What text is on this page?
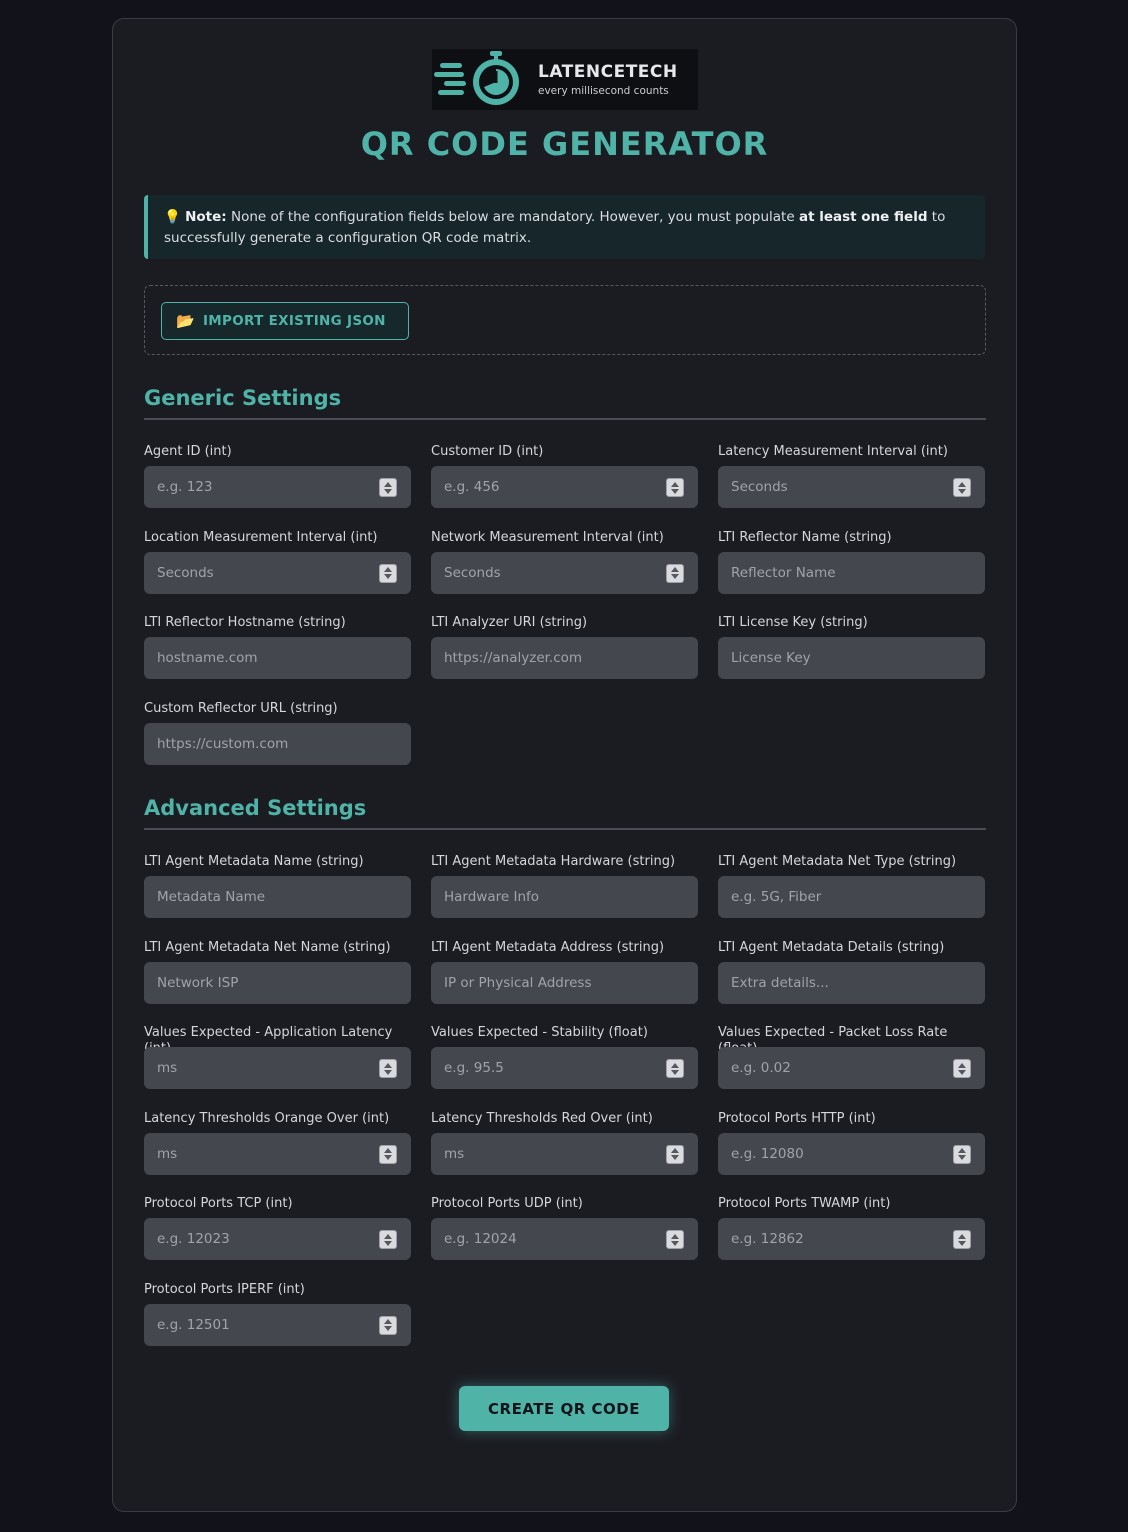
LATENCETECH
every millisecond counts
QR CODE GENERATOR
💡 Note: None of the configuration fields below are mandatory. However, you must populate at least one field to successfully generate a configuration QR code matrix.
📂 IMPORT EXISTING JSON
Generic Settings
Agent ID (int)
e.g. 123
Customer ID (int)
e.g. 456
Latency Measurement Interval (int)
Seconds
Location Measurement Interval (int)
Seconds
Network Measurement Interval (int)
Seconds
LTI Reflector Name (string)
Reflector Name
LTI Reflector Hostname (string)
hostname.com
LTI Analyzer URI (string)
https://analyzer.com
LTI License Key (string)
License Key
Custom Reflector URL (string)
https://custom.com
Advanced Settings
LTI Agent Metadata Name (string)
Metadata Name
LTI Agent Metadata Hardware (string)
Hardware Info
LTI Agent Metadata Net Type (string)
e.g. 5G, Fiber
LTI Agent Metadata Net Name (string)
Network ISP
LTI Agent Metadata Address (string)
IP or Physical Address
LTI Agent Metadata Details (string)
Extra details...
Values Expected - Application Latency
ms
Values Expected - Stability (float)
e.g. 95.5
Values Expected - Packet Loss Rate
e.g. 0.02
Latency Thresholds Orange Over (int)
ms
Latency Thresholds Red Over (int)
ms
Protocol Ports HTTP (int)
e.g. 12080
Protocol Ports TCP (int)
e.g. 12023
Protocol Ports UDP (int)
e.g. 12024
Protocol Ports TWAMP (int)
e.g. 12862
Protocol Ports IPERF (int)
e.g. 12501
CREATE QR CODE
